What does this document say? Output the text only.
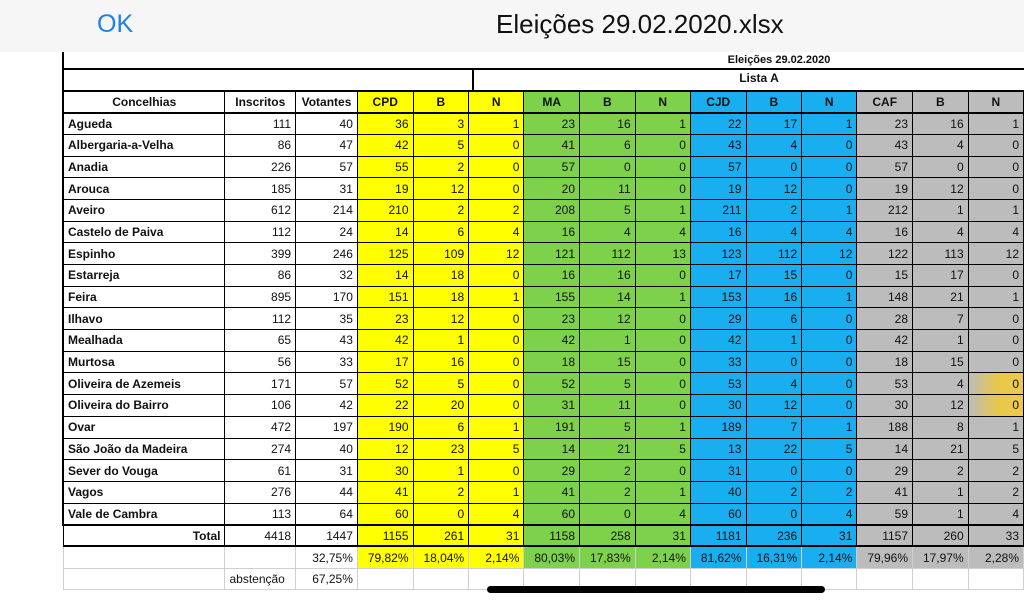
OK	Eleições 29.02.2020.xlsx
Eleições 29.02.2020
Lista A
Concelhias	Inscritos	Votantes	CPD	B	N	MA	B	N	CJD	B	N	CAF	B	N
Agueda	111	40	36	3	1	23	16	1	22	17	1	23	16	1
Albergaria-a-Velha	86	47	42	5	0	41	6	0	43	4	0	43	4	0
Anadia	226	57	55	2	0	57	0	0	57	0	0	57	0	0
Arouca	185	31	19	12	0	20	11	0	19	12	0	19	12	0
Aveiro	612	214	210	2	2	208	5	1	211	2	1	212	1	1
Castelo de Paiva	112	24	14	6	4	16	4	4	16	4	4	16	4	4
Espinho	399	246	125	109	12	121	112	13	123	112	12	122	113	12
Estarreja	86	32	14	18	0	16	16	0	17	15	0	15	17	0
Feira	895	170	151	18	1	155	14	1	153	16	1	148	21	1
Ilhavo	112	35	23	12	0	23	12	0	29	6	0	28	7	0
Mealhada	65	43	42	1	0	42	1	0	42	1	0	42	1	0
Murtosa	56	33	17	16	0	18	15	0	33	0	0	18	15	0
Oliveira de Azemeis	171	57	52	5	0	52	5	0	53	4	0	53	4	0
Oliveira do Bairro	106	42	22	20	0	31	11	0	30	12	0	30	12	0
Ovar	472	197	190	6	1	191	5	1	189	7	1	188	8	1
São João da Madeira	274	40	12	23	5	14	21	5	13	22	5	14	21	5
Sever do Vouga	61	31	30	1	0	29	2	0	31	0	0	29	2	2
Vagos	276	44	41	2	1	41	2	1	40	2	2	41	1	2
Vale de Cambra	113	64	60	0	4	60	0	4	60	0	4	59	1	4
Total	4418	1447	1155	261	31	1158	258	31	1181	236	31	1157	260	33
		32,75%	79,82%	18,04%	2,14%	80,03%	17,83%	2,14%	81,62%	16,31%	2,14%	79,96%	17,97%	2,28%
	abstenção	67,25%												
